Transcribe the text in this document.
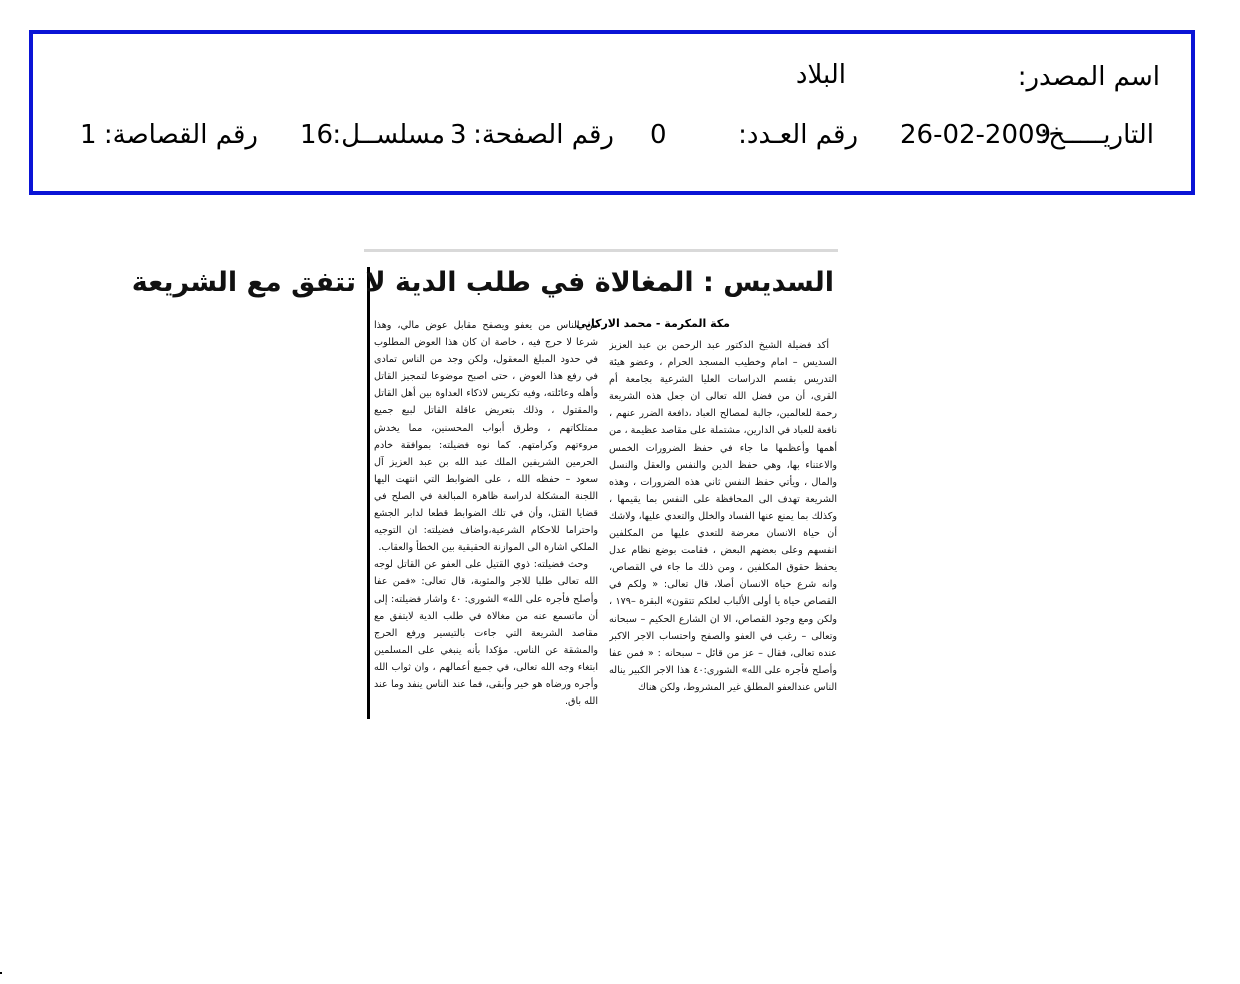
اسم المصدر:
البلاد
التاريـــــخ:
26-02-2009
رقم العـدد:
0
رقم الصفحة:
3
مسلســل:
16
رقم القصاصة:
1
السديس : المغالاة في طلب الدية لا تتفق مع الشريعة
مكة المكرمة - محمد الاركاني
أكد فضيلة الشيخ الدكتور عبد الرحمن بن عبد العزيز السديس – امام وخطيب المسجد الحرام ، وعضو هيئة التدريس بقسم الدراسات العليا الشرعية بجامعة أم القرى، أن من فضل الله تعالى ان جعل هذه الشريعة رحمة للعالمين، جالبة لمصالح العباد ،دافعة الضرر عنهم ، نافعة للعباد في الدارين، مشتملة على مقاصد عظيمة ، من أهمها وأعظمها ما جاء في حفظ الضرورات الخمس والاعتناء بها، وهي حفظ الدين والنفس والعقل والنسل والمال ، ويأتي حفظ النفس ثاني هذه الضرورات ، وهذه الشريعة تهدف الى المحافظة على النفس بما يقيمها ، وكذلك بما يمنع عنها الفساد والخلل والتعدي عليها، ولاشك أن حياة الانسان معرضة للتعدي عليها من المكلفين انفسهم وعلى بعضهم البعض ، فقامت بوضع نظام عدل يحفظ حقوق المكلفين ، ومن ذلك ما جاء في القصاص، وانه شرع حياة الانسان أصلا، قال تعالى: « ولكم في القصاص حياة يا أولى الألباب لعلكم تتقون» البقرة –١٧٩ ، ولكن ومع وجود القصاص، الا ان الشارع الحكيم – سبحانه وتعالى – رغب في العفو والصفح واحتساب الاجر الاكبر عنده تعالى، فقال – عز من قائل – سبحانه : « فمن عفا وأصلح فأجره على الله» الشورى:٤٠ هذا الاجر الكبير يناله الناس عندالعفو المطلق غير المشروط، ولكن هناك
من الناس من يعفو ويصفح مقابل عوض مالي، وهذا شرعا لا حرج فيه ، خاصة ان كان هذا العوض المطلوب في حدود المبلغ المعقول، ولكن وجد من الناس تمادى في رفع هذا العوض ، حتى اصبح موضوعا لتمجيز القاتل وأهله وعائلته، وفيه تكريس لاذكاء العداوة بين أهل القاتل والمقتول ، وذلك بتعريض عاقلة القاتل لبيع جميع ممتلكاتهم ، وطرق أبواب المحسنين، مما يخدش مروءتهم وكرامتهم. كما نوه فضيلته: بموافقة خادم الحرمين الشريفين الملك عبد الله بن عبد العزيز آل سعود – حفظه الله ، على الضوابط التي انتهت اليها اللجنة المشكلة لدراسة ظاهرة المبالغة في الصلح في قضايا القتل، وأن في تلك الضوابط قطعا لدابر الجشع واحتراما للاحكام الشرعية،واضاف فضيلته: ان التوجيه الملكي اشارة الى الموازنة الحقيقية بين الخطأ والعقاب.
وحث فضيلته: ذوي القتيل على العفو عن القاتل لوجه الله تعالى طلبا للاجر والمثوبة، قال تعالى: «فمن عفا وأصلح فأجره على الله» الشورى: ٤٠ واشار فضيلته: إلى أن ماتسمع عنه من مغالاة في طلب الدية لايتفق مع مقاصد الشريعة التي جاءت بالتيسير ورفع الحرج والمشقة عن الناس. مؤكدا بأنه ينبغي على المسلمين ابتغاء وجه الله تعالى، في جميع أعمالهم ، وان ثواب الله وأجره ورضاه هو خير وأبقى، فما عند الناس ينفد وما عند الله باق.
